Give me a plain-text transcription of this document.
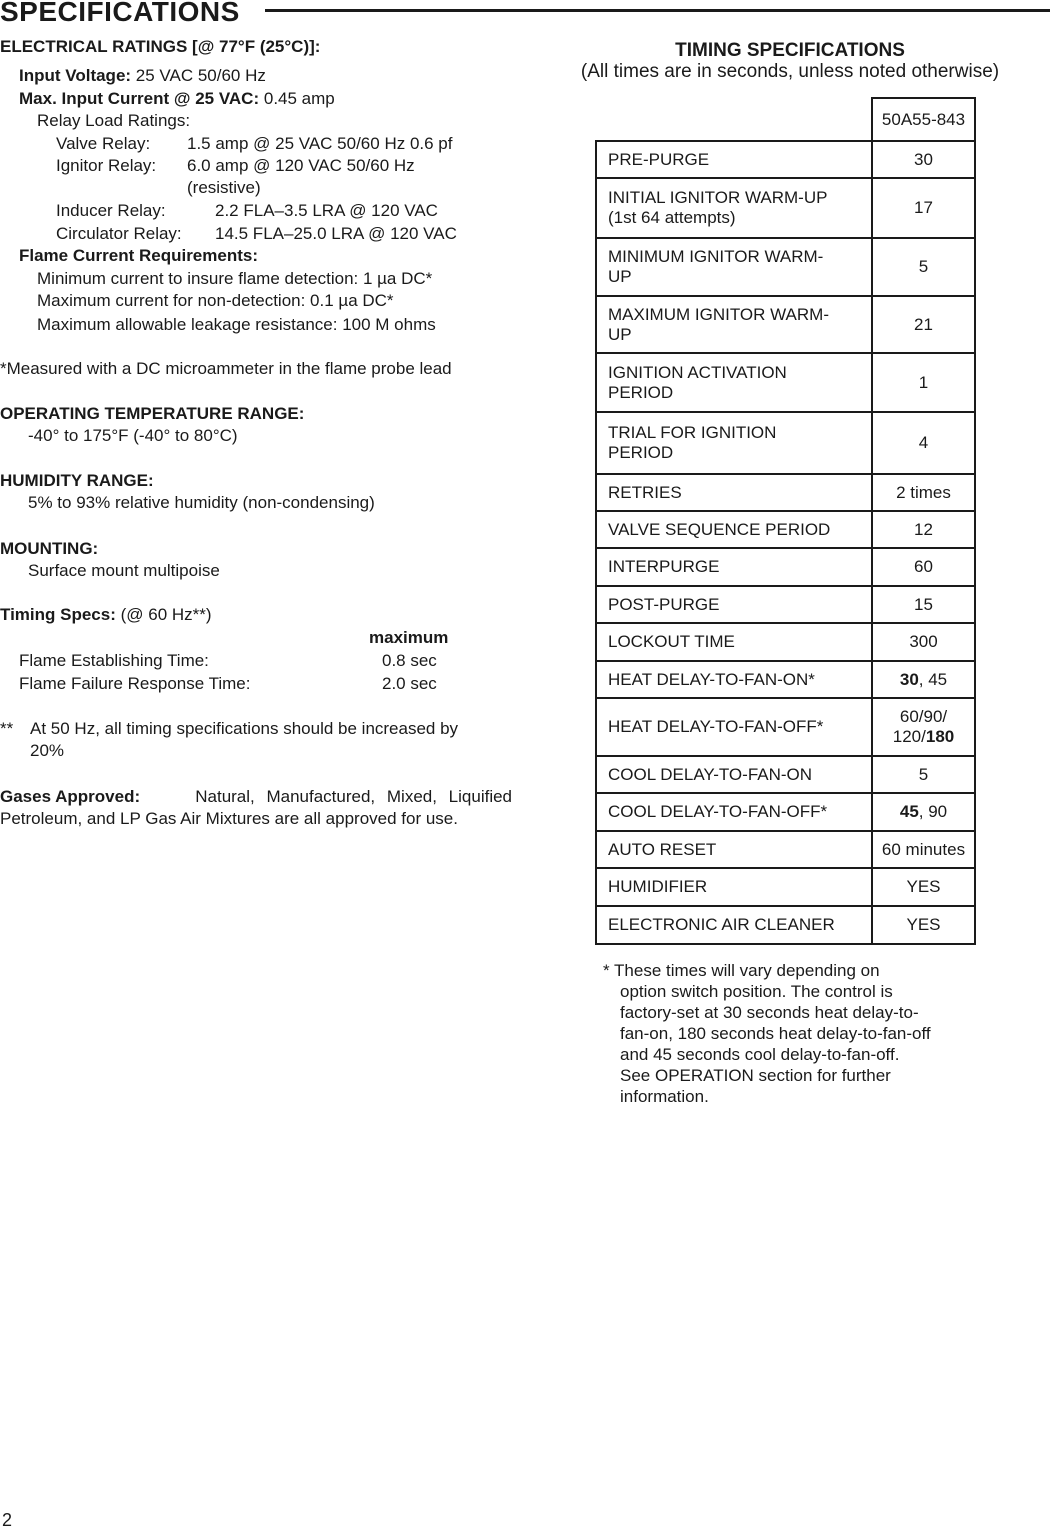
SPECIFICATIONS
ELECTRICAL RATINGS [@ 77°F (25°C)]:
Input Voltage: 25 VAC 50/60 Hz
Max. Input Current @ 25 VAC: 0.45 amp
Relay Load Ratings:
Valve Relay: 1.5 amp @ 25 VAC 50/60 Hz 0.6 pf
Ignitor Relay: 6.0 amp @ 120 VAC 50/60 Hz
(resistive)
Inducer Relay:	2.2 FLA–3.5 LRA @ 120 VAC
Circulator Relay: 14.5 FLA–25.0 LRA @ 120 VAC
Flame Current Requirements:
Minimum current to insure flame detection: 1 µa DC*
Maximum current for non-detection: 0.1 µa DC*
Maximum allowable leakage resistance: 100 M ohms
*Measured with a DC microammeter in the flame probe lead
OPERATING TEMPERATURE RANGE:
-40° to 175°F (-40° to 80°C)
HUMIDITY RANGE:
5% to 93% relative humidity (non-condensing)
MOUNTING:
Surface mount multipoise
Timing Specs: (@ 60 Hz**)
maximum
Flame Establishing Time:	0.8 sec
Flame Failure Response Time:	2.0 sec
** At 50 Hz, all timing specifications should be increased by
20%
Gases Approved:	Natural, Manufactured, Mixed, Liquified
Petroleum, and LP Gas Air Mixtures are all approved for use.
TIMING SPECIFICATIONS
(All times are in seconds, unless noted otherwise)
	50A55-843
PRE-PURGE	30
INITIAL IGNITOR WARM-UP
(1st 64 attempts)	17
MINIMUM IGNITOR WARM-
UP	5
MAXIMUM IGNITOR WARM-
UP	21
IGNITION ACTIVATION
PERIOD	1
TRIAL FOR IGNITION
PERIOD	4
RETRIES	2 times
VALVE SEQUENCE PERIOD	12
INTERPURGE	60
POST-PURGE	15
LOCKOUT TIME	300
HEAT DELAY-TO-FAN-ON*	30, 45
HEAT DELAY-TO-FAN-OFF*	60/90/
120/180
COOL DELAY-TO-FAN-ON	5
COOL DELAY-TO-FAN-OFF*	45, 90
AUTO RESET	60 minutes
HUMIDIFIER	YES
ELECTRONIC AIR CLEANER	YES
* These times will vary depending on
option switch position. The control is factory-set at 30 seconds heat delay-to-fan-on, 180 seconds heat delay-to-fan-off and 45 seconds cool delay-to-fan-off. See OPERATION section for further information.
2
